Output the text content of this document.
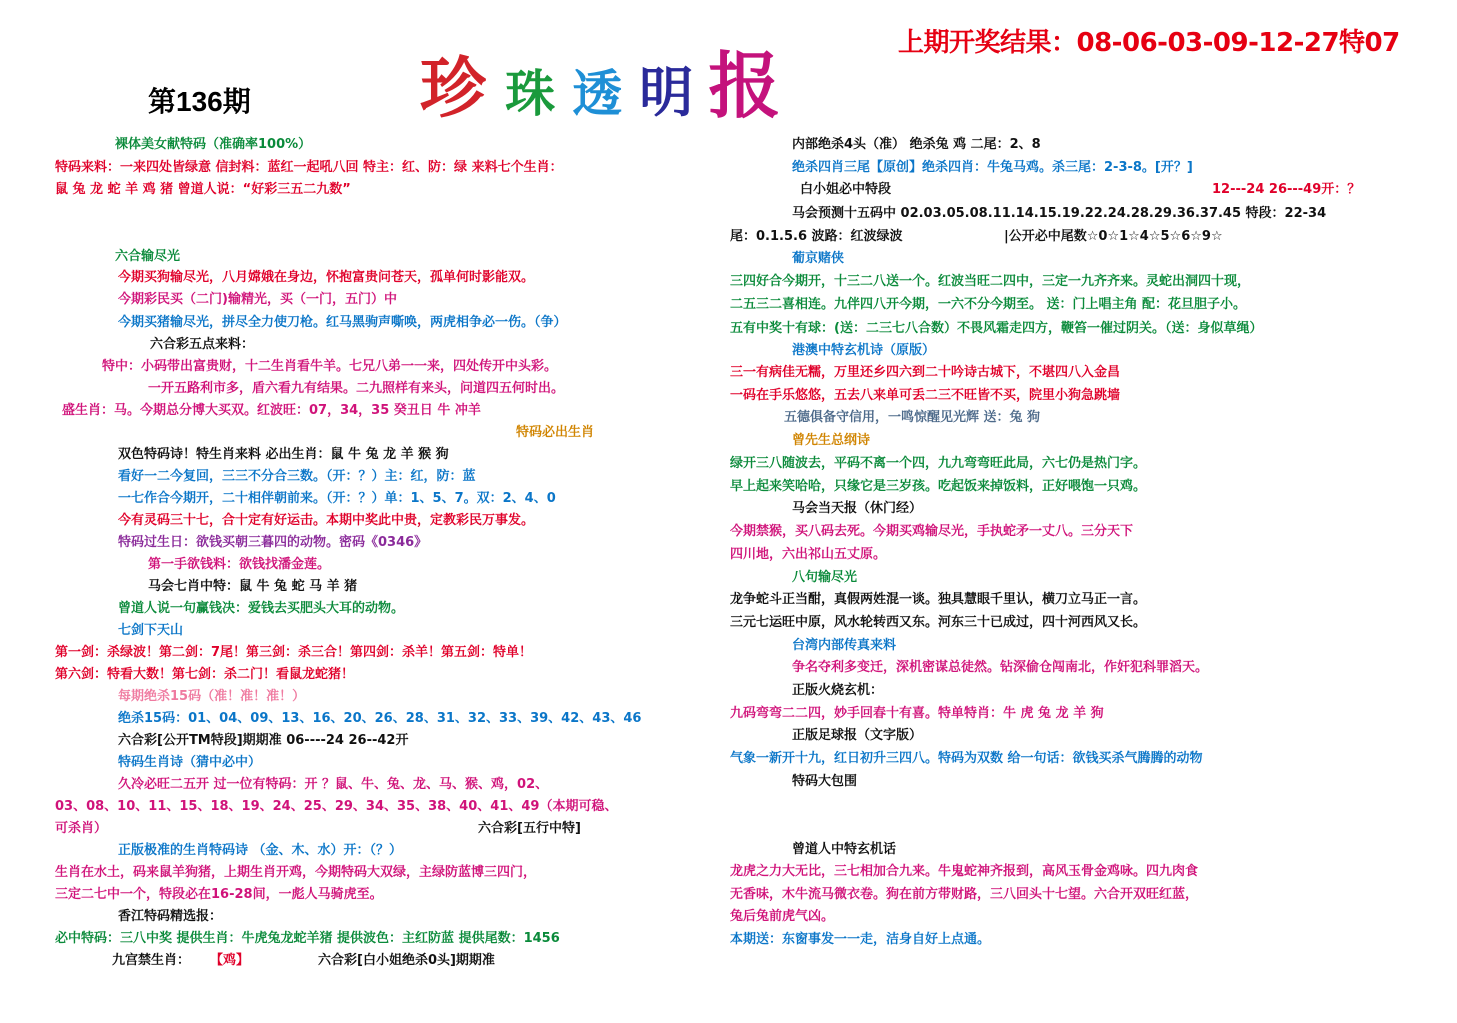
珍 珠 透 明 报
第136期
上期开奖结果：08-06-03-09-12-27特07
裸体美女献特码（准确率100%）
特码来料：一来四处皆绿意 信封料：蓝红一起吼八回 特主：红、防：绿 来料七个生肖：
鼠 兔 龙 蛇 羊 鸡 猪 曾道人说：“好彩三五二九数”
六合输尽光
今期买狗输尽光，八月嫦娥在身边，怀抱富贵问苍天，孤单何时影能双。
今期彩民买（二门)输精光，买（一门，五门）中
今期买猪输尽光，拼尽全力使刀枪。红马黑驹声嘶唤，两虎相争必一伤。（争）
六合彩五点来料：
特中：小码带出富贵财，十二生肖看牛羊。七兄八弟一一来，四处传开中头彩。
一开五路利市多，盾六看九有结果。二九照样有来头，问道四五何时出。
盛生肖：马。今期总分博大买双。红波旺：07，34，35 癸丑日 牛 冲羊
特码必出生肖
双色特码诗！特生肖来料 必出生肖：鼠 牛 兔 龙 羊 猴 狗
看好一二今复回，三三不分合三数。（开：？）主：红，防：蓝
一七作合今期开，二十相伴朝前来。（开：？）单：1、5、7。双：2、4、0
今有灵码三十七，合十定有好运击。本期中奖此中贵，定教彩民万事发。
特码过生日：欲钱买朝三暮四的动物。密码《0346》
第一手欲钱料：欲钱找潘金莲。
马会七肖中特：鼠 牛 兔 蛇 马 羊 猪
曾道人说一句赢钱决：爱钱去买肥头大耳的动物。
七剑下天山
第一剑：杀绿波！第二剑：7尾！第三剑：杀三合！第四剑：杀羊！第五剑：特单！
第六剑：特看大数！第七剑：杀二门！看鼠龙蛇猪！
每期绝杀15码（准！准！准！）
绝杀15码：01、04、09、13、16、20、26、28、31、32、33、39、42、43、46
六合彩[公开TM特段]期期准 06----24 26--42开
特码生肖诗（猜中必中）
久冷必旺二五开 过一位有特码：开 ？鼠、牛、兔、龙、马、猴、鸡，02、
03、08、10、11、15、18、19、24、25、29、34、35、38、40、41、49（本期可稳、
可杀肖）	六合彩[五行中特]
正版极准的生肖特码诗 （金、木、水）开：（？）
生肖在水土，码来鼠羊狗猪，上期生肖开鸡，今期特码大双绿，主绿防蓝博三四门，
三定二七中一个，特段必在16-28间，一彪人马骑虎至。
香江特码精选报：
必中特码：三八中奖 提供生肖：牛虎兔龙蛇羊猪 提供波色：主红防蓝 提供尾数：1456
九宫禁生肖： 【鸡】	六合彩[白小姐绝杀0头]期期准
内部绝杀4头（准） 绝杀兔 鸡 二尾：2、8
绝杀四肖三尾【原创】绝杀四肖：牛兔马鸡。杀三尾：2-3-8。[开？]
白小姐必中特段	12---24 26---49开：？
马会预测十五码中 02.03.05.08.11.14.15.19.22.24.28.29.36.37.45 特段：22-34
尾：0.1.5.6 波路：红波绿波	|公开必中尾数☆0☆1☆4☆5☆6☆9☆
葡京赌侠
三四好合今期开，十三二八送一个。红波当旺二四中，三定一九齐齐来。灵蛇出洞四十现，
二五三二喜相连。九伴四八开今期，一六不分今期至。 送：门上唱主角 配：花旦胆子小。
五有中奖十有球：(送：二三七八合数）不畏风霜走四方，鞭笞一催过阴关。（送：身似草绳）
港澳中特玄机诗（原版）
三一有病佳无糯，万里还乡四六到二十吟诗古城下，不堪四八入金昌
一码在手乐悠悠，五去八来单可丢二三不旺皆不买，院里小狗急跳墙
五德俱备守信用，一鸣惊醒见光辉 送：兔 狗
曾先生总纲诗
绿开三八随波去，平码不离一个四，九九弯弯旺此局，六七仍是热门字。
早上起来笑哈哈，只缘它是三岁孩。吃起饭来掉饭料，正好喂饱一只鸡。
马会当天报（休门经）
今期禁猴，买八码去死。今期买鸡输尽光，手执蛇矛一丈八。三分天下
四川地，六出祁山五丈原。
八句输尽光
龙争蛇斗正当酣，真假两姓混一谈。独具慧眼千里认，横刀立马正一言。
三元七运旺中原，风水轮转西又东。河东三十已成过，四十河西风又长。
台湾内部传真来料
争名夺利多变迁，深机密谋总徒然。钻深偷仓闯南北，作奸犯科罪滔天。
正版火烧玄机：
九码弯弯二二四，妙手回春十有喜。特单特肖：牛 虎 兔 龙 羊 狗
正版足球报（文字版）
气象一新开十九，红日初升三四八。特码为双数 给一句话：欲钱买杀气腾腾的动物
特码大包围
曾道人中特玄机话
龙虎之力大无比，三七相加合九来。牛鬼蛇神齐报到，高风玉骨金鸡咏。四九肉食
无香味，木牛流马微衣卷。狗在前方带财路，三八回头十七望。六合开双旺红蓝，
兔后兔前虎气凶。
本期送：东窗事发一一走，洁身自好上点通。
